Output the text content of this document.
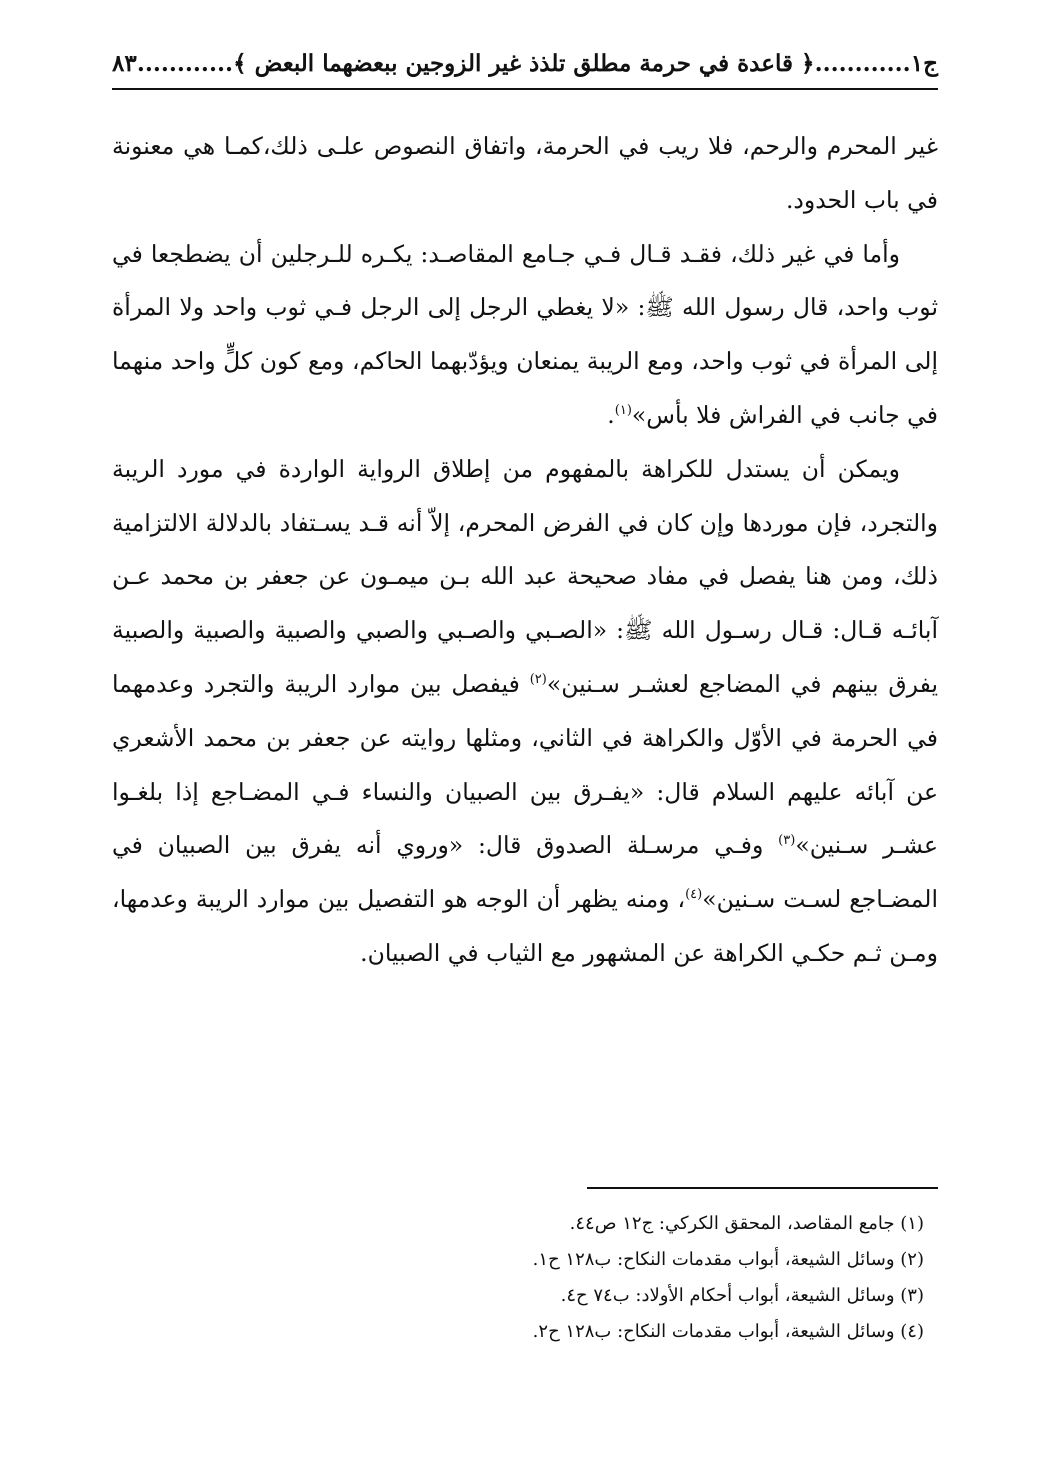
ج١
............
﴿ قاعدة في حرمة مطلق تلذذ غير الزوجين ببعضهما البعض ﴾
............
٨٣

غير المحرم والرحم، فلا ريب في الحرمة، واتفاق النصوص علـى ذلك،كمـا هي معنونة في باب الحدود.

وأما في غير ذلك، فقـد قـال فـي جـامع المقاصـد: يكـره للـرجلين أن يضطجعا في ثوب واحد، قال رسول الله ﷺ: «لا يغطي الرجل إلى الرجل فـي ثوب واحد ولا المرأة إلى المرأة في ثوب واحد، ومع الريبة يمنعان ويؤدّبهما الحاكم، ومع كون كلٍّ واحد منهما في جانب في الفراش فلا بأس»$^{(١)}$.

ويمكن أن يستدل للكراهة بالمفهوم من إطلاق الرواية الواردة في مورد الريبة والتجرد، فإن موردها وإن كان في الفرض المحرم، إلاّ أنه قـد يسـتفاد بالدلالة الالتزامية ذلك، ومن هنا يفصل في مفاد صحيحة عبد الله بـن ميمـون عن جعفر بن محمد عـن آبائـه قـال: قـال رسـول الله ﷺ: «الصـبي والصـبي والصبي والصبية والصبية والصبية يفرق بينهم في المضاجع لعشـر سـنين»$^{(٢)}$ فيفصل بين موارد الريبة والتجرد وعدمهما في الحرمة في الأوّل والكراهة في الثاني، ومثلها روايته عن جعفر بن محمد الأشعري عن آبائه عليهم السلام قال: «يفـرق بين الصبيان والنساء فـي المضـاجع إذا بلغـوا عشـر سـنين»$^{(٣)}$ وفـي مرسـلة الصدوق قال: «وروي أنه يفرق بين الصبيان في المضـاجع لسـت سـنين»$^{(٤)}$، ومنه يظهر أن الوجه هو التفصيل بين موارد الريبة وعدمها، ومـن ثـم حكـي الكراهة عن المشهور مع الثياب في الصبيان.

(١) جامع المقاصد، المحقق الكركي: ج١٢ ص٤٤.
(٢) وسائل الشيعة، أبواب مقدمات النكاح: ب١٢٨ ح١.
(٣) وسائل الشيعة، أبواب أحكام الأولاد: ب٧٤ ح٤.
(٤) وسائل الشيعة، أبواب مقدمات النكاح: ب١٢٨ ح٢.
